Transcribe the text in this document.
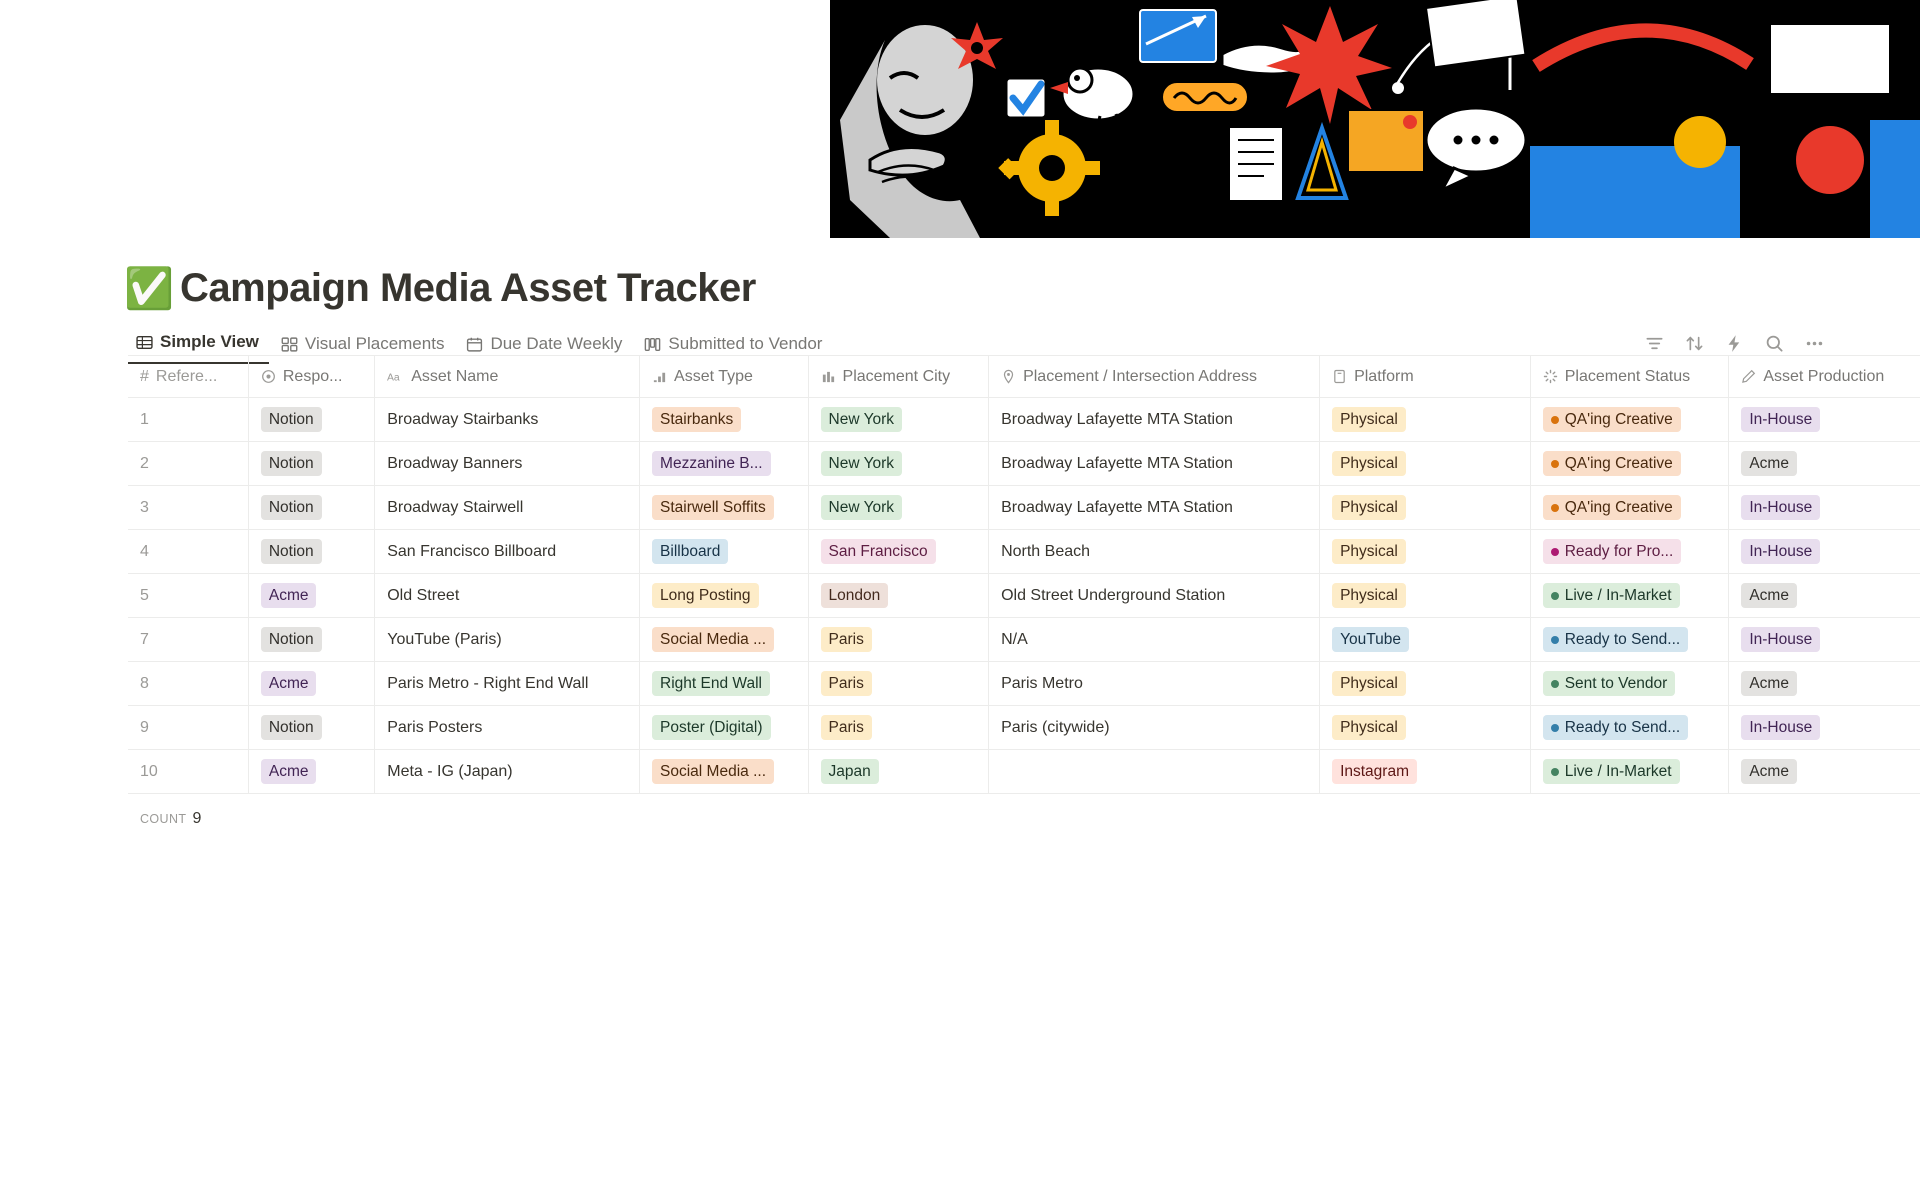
✅ Campaign Media Asset Tracker
Simple View	Visual Placements	Due Date Weekly	Submitted to Vendor
# Refere...	Respo...	Aa Asset Name	Asset Type	Placement City	Placement / Intersection Address	Platform	Placement Status	Asset Production

1	Notion	Broadway Stairbanks	Stairbanks	New York	Broadway Lafayette MTA Station	Physical	QA'ing Creative	In-House
2	Notion	Broadway Banners	Mezzanine B...	New York	Broadway Lafayette MTA Station	Physical	QA'ing Creative	Acme
3	Notion	Broadway Stairwell	Stairwell Soffits	New York	Broadway Lafayette MTA Station	Physical	QA'ing Creative	In-House
4	Notion	San Francisco Billboard	Billboard	San Francisco	North Beach	Physical	Ready for Pro...	In-House
5	Acme	Old Street	Long Posting	London	Old Street Underground Station	Physical	Live / In-Market	Acme
7	Notion	YouTube (Paris)	Social Media ...	Paris	N/A	YouTube	Ready to Send...	In-House
8	Acme	Paris Metro - Right End Wall	Right End Wall	Paris	Paris Metro	Physical	Sent to Vendor	Acme
9	Notion	Paris Posters	Poster (Digital)	Paris	Paris (citywide)	Physical	Ready to Send...	In-House
10	Acme	Meta - IG (Japan)	Social Media ...	Japan		Instagram	Live / In-Market	Acme
COUNT 9
